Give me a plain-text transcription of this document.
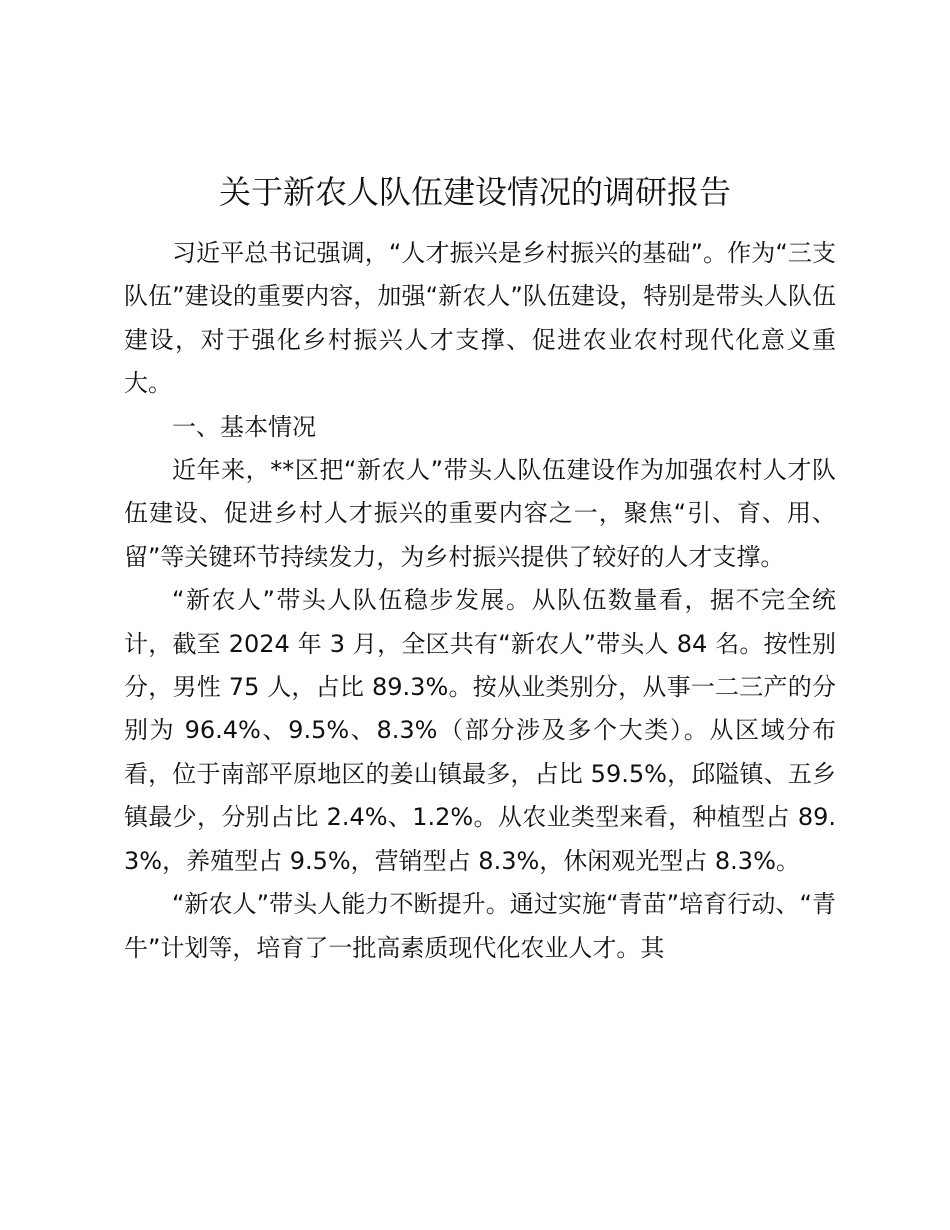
关于新农人队伍建设情况的调研报告

习近平总书记强调，“人才振兴是乡村振兴的基础”。作为“三支队伍”建设的重要内容，加强“新农人”队伍建设，特别是带头人队伍建设，对于强化乡村振兴人才支撑、促进农业农村现代化意义重大。

一、基本情况

近年来，**区把“新农人”带头人队伍建设作为加强农村人才队伍建设、促进乡村人才振兴的重要内容之一，聚焦“引、育、用、留”等关键环节持续发力，为乡村振兴提供了较好的人才支撑。

“新农人”带头人队伍稳步发展。从队伍数量看，据不完全统计，截至 2024 年 3 月，全区共有“新农人”带头人 84 名。按性别分，男性 75 人，占比 89.3%。按从业类别分，从事一二三产的分别为 96.4%、9.5%、8.3%（部分涉及多个大类）。从区域分布看，位于南部平原地区的姜山镇最多，占比 59.5%，邱隘镇、五乡镇最少，分别占比 2.4%、1.2%。从农业类型来看，种植型占 89.3%，养殖型占 9.5%，营销型占 8.3%，休闲观光型占 8.3%。

“新农人”带头人能力不断提升。通过实施“青苗”培育行动、“青牛”计划等，培育了一批高素质现代化农业人才。其
